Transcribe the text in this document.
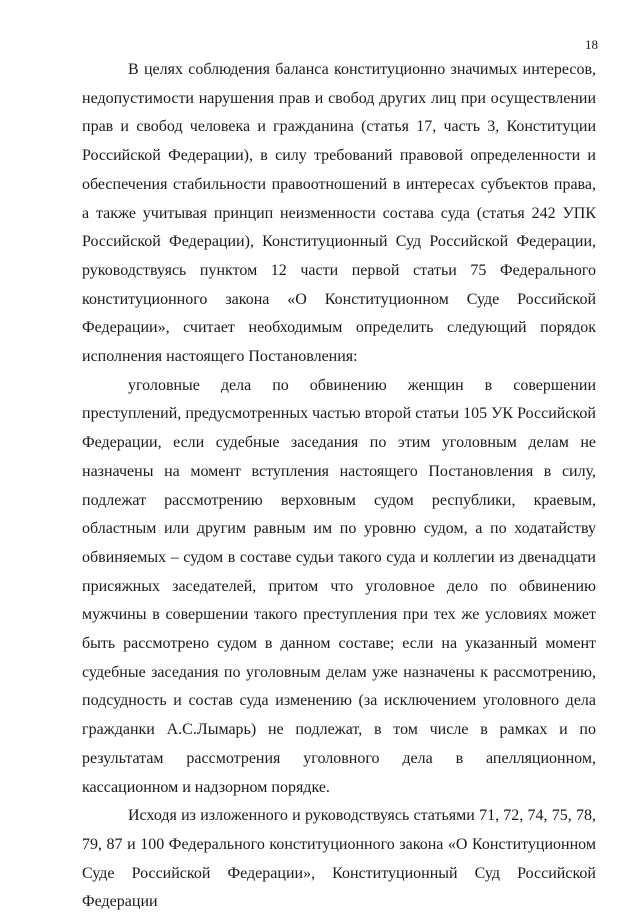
18

В целях соблюдения баланса конституционно значимых интересов, недопустимости нарушения прав и свобод других лиц при осуществлении прав и свобод человека и гражданина (статья 17, часть 3, Конституции Российской Федерации), в силу требований правовой определенности и обеспечения стабильности правоотношений в интересах субъектов права, а также учитывая принцип неизменности состава суда (статья 242 УПК Российской Федерации), Конституционный Суд Российской Федерации, руководствуясь пунктом 12 части первой статьи 75 Федерального конституционного закона «О Конституционном Суде Российской Федерации», считает необходимым определить следующий порядок исполнения настоящего Постановления:

уголовные дела по обвинению женщин в совершении преступлений, предусмотренных частью второй статьи 105 УК Российской Федерации, если судебные заседания по этим уголовным делам не назначены на момент вступления настоящего Постановления в силу, подлежат рассмотрению верховным судом республики, краевым, областным или другим равным им по уровню судом, а по ходатайству обвиняемых – судом в составе судьи такого суда и коллегии из двенадцати присяжных заседателей, притом что уголовное дело по обвинению мужчины в совершении такого преступления при тех же условиях может быть рассмотрено судом в данном составе; если на указанный момент судебные заседания по уголовным делам уже назначены к рассмотрению, подсудность и состав суда изменению (за исключением уголовного дела гражданки А.С.Лымарь) не подлежат, в том числе в рамках и по результатам рассмотрения уголовного дела в апелляционном, кассационном и надзорном порядке.

Исходя из изложенного и руководствуясь статьями 71, 72, 74, 75, 78, 79, 87 и 100 Федерального конституционного закона «О Конституционном Суде Российской Федерации», Конституционный Суд Российской Федерации
